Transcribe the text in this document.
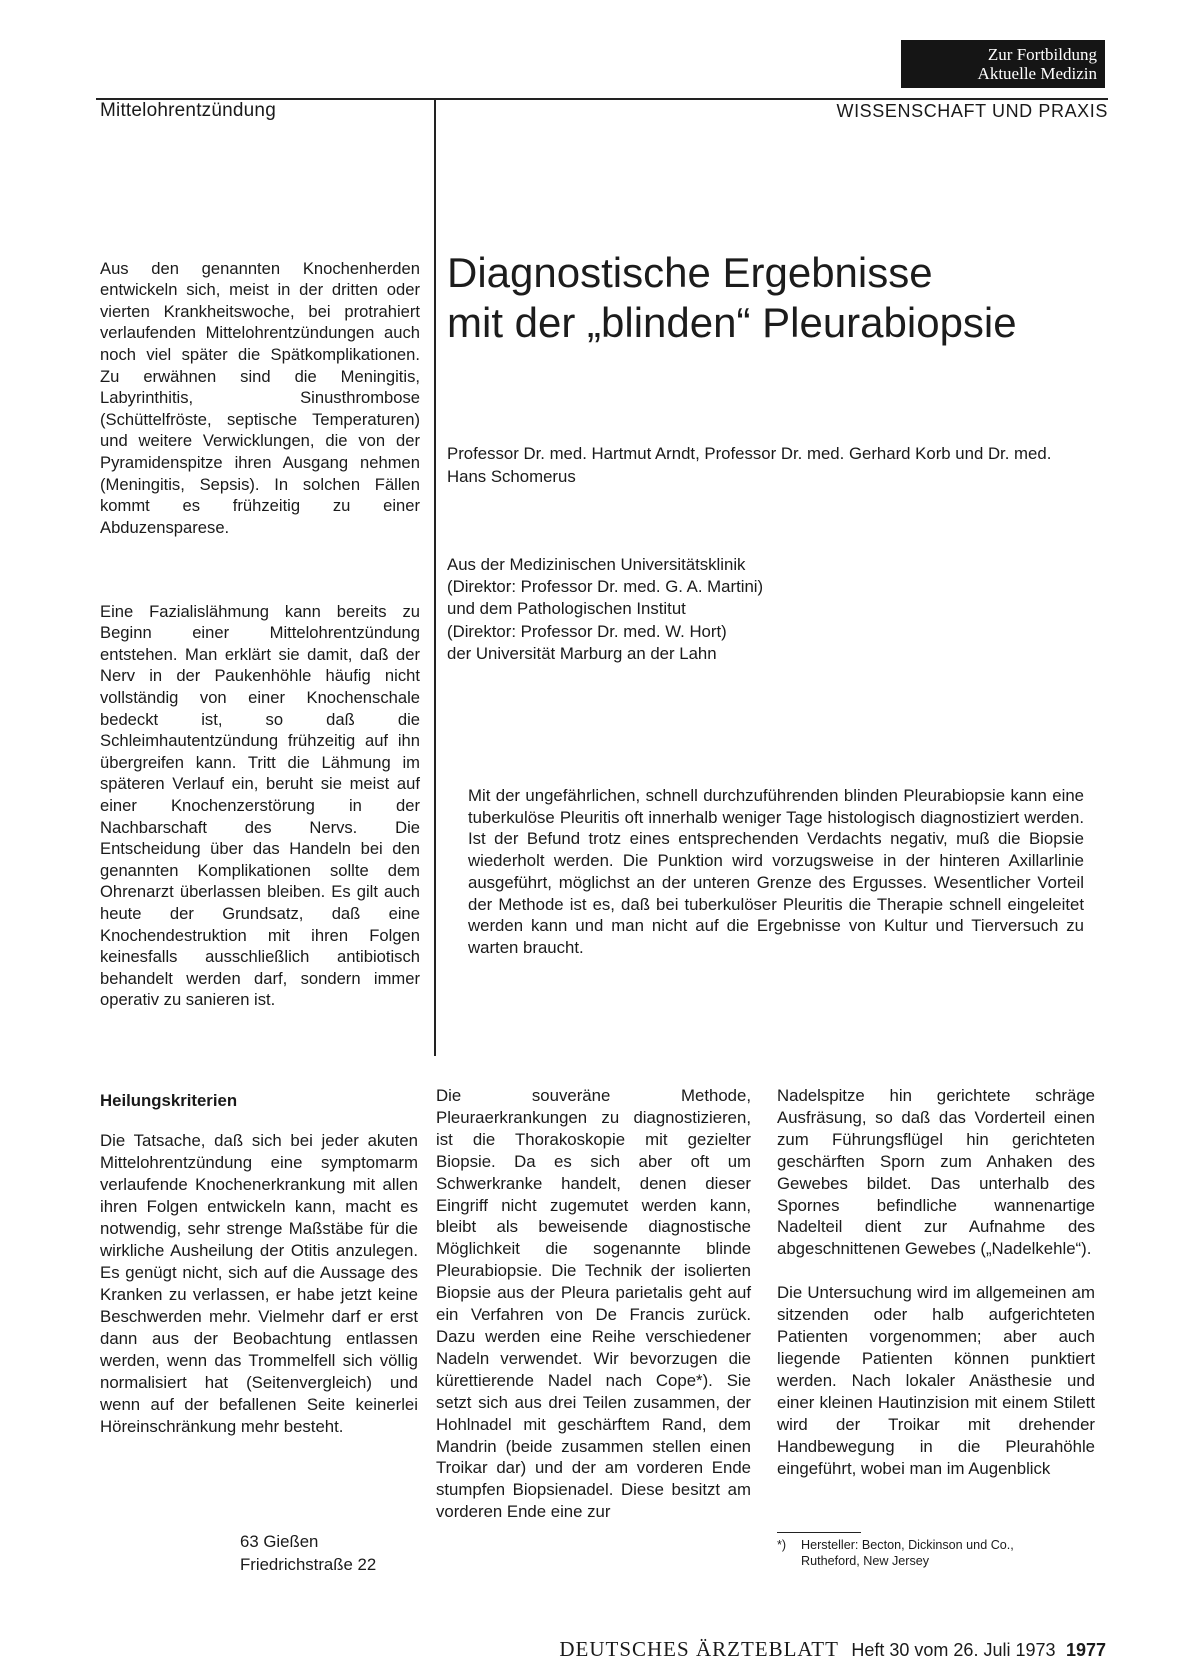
Zur Fortbildung
Aktuelle Medizin
Mittelohrentzündung	WISSENSCHAFT UND PRAXIS

Aus den genannten Knochenherden entwickeln sich, meist in der dritten oder vierten Krankheitswoche, bei protrahiert verlaufenden Mittelohrentzündungen auch noch viel später die Spätkomplikationen. Zu erwähnen sind die Meningitis, Labyrinthitis, Sinusthrombose (Schüttelfröste, septische Temperaturen) und weitere Verwicklungen, die von der Pyramidenspitze ihren Ausgang nehmen (Meningitis, Sepsis). In solchen Fällen kommt es frühzeitig zu einer Abduzensparese.

Eine Fazialislähmung kann bereits zu Beginn einer Mittelohrentzündung entstehen. Man erklärt sie damit, daß der Nerv in der Paukenhöhle häufig nicht vollständig von einer Knochenschale bedeckt ist, so daß die Schleimhautentzündung frühzeitig auf ihn übergreifen kann. Tritt die Lähmung im späteren Verlauf ein, beruht sie meist auf einer Knochenzerstörung in der Nachbarschaft des Nervs. Die Entscheidung über das Handeln bei den genannten Komplikationen sollte dem Ohrenarzt überlassen bleiben. Es gilt auch heute der Grundsatz, daß eine Knochendestruktion mit ihren Folgen keinesfalls ausschließlich antibiotisch behandelt werden darf, sondern immer operativ zu sanieren ist.

Diagnostische Ergebnisse
mit der „blinden“ Pleurabiopsie
Professor Dr. med. Hartmut Arndt, Professor Dr. med. Gerhard Korb und Dr. med. Hans Schomerus
Aus der Medizinischen Universitätsklinik
(Direktor: Professor Dr. med. G. A. Martini)
und dem Pathologischen Institut
(Direktor: Professor Dr. med. W. Hort)
der Universität Marburg an der Lahn
Mit der ungefährlichen, schnell durchzuführenden blinden Pleurabiopsie kann eine tuberkulöse Pleuritis oft innerhalb weniger Tage histologisch diagnostiziert werden. Ist der Befund trotz eines entsprechenden Verdachts negativ, muß die Biopsie wiederholt werden. Die Punktion wird vorzugsweise in der hinteren Axillarlinie ausgeführt, möglichst an der unteren Grenze des Ergusses. Wesentlicher Vorteil der Methode ist es, daß bei tuberkulöser Pleuritis die Therapie schnell eingeleitet werden kann und man nicht auf die Ergebnisse von Kultur und Tierversuch zu warten braucht.
Heilungskriterien
Die Tatsache, daß sich bei jeder akuten Mittelohrentzündung eine symptomarm verlaufende Knochenerkrankung mit allen ihren Folgen entwickeln kann, macht es notwendig, sehr strenge Maßstäbe für die wirkliche Ausheilung der Otitis anzulegen. Es genügt nicht, sich auf die Aussage des Kranken zu verlassen, er habe jetzt keine Beschwerden mehr. Vielmehr darf er erst dann aus der Beobachtung entlassen werden, wenn das Trommelfell sich völlig normalisiert hat (Seitenvergleich) und wenn auf der befallenen Seite keinerlei Höreinschränkung mehr besteht.
63 Gießen
Friedrichstraße 22
Die souveräne Methode, Pleuraerkrankungen zu diagnostizieren, ist die Thorakoskopie mit gezielter Biopsie. Da es sich aber oft um Schwerkranke handelt, denen dieser Eingriff nicht zugemutet werden kann, bleibt als beweisende diagnostische Möglichkeit die sogenannte blinde Pleurabiopsie. Die Technik der isolierten Biopsie aus der Pleura parietalis geht auf ein Verfahren von De Francis zurück. Dazu werden eine Reihe verschiedener Nadeln verwendet. Wir bevorzugen die kürettierende Nadel nach Cope*). Sie setzt sich aus drei Teilen zusammen, der Hohlnadel mit geschärftem Rand, dem Mandrin (beide zusammen stellen einen Troikar dar) und der am vorderen Ende stumpfen Biopsienadel. Diese besitzt am vorderen Ende eine zur

Nadelspitze hin gerichtete schräge Ausfräsung, so daß das Vorderteil einen zum Führungsflügel hin gerichteten geschärften Sporn zum Anhaken des Gewebes bildet. Das unterhalb des Spornes befindliche wannenartige Nadelteil dient zur Aufnahme des abgeschnittenen Gewebes („Nadelkehle“).

Die Untersuchung wird im allgemeinen am sitzenden oder halb aufgerichteten Patienten vorgenommen; aber auch liegende Patienten können punktiert werden. Nach lokaler Anästhesie und einer kleinen Hautinzision mit einem Stilett wird der Troikar mit drehender Handbewegung in die Pleurahöhle eingeführt, wobei man im Augenblick

*) Hersteller: Becton, Dickinson und Co.,
Rutheford, New Jersey
DEUTSCHES ÄRZTEBLATT Heft 30 vom 26. Juli 1973 1977
